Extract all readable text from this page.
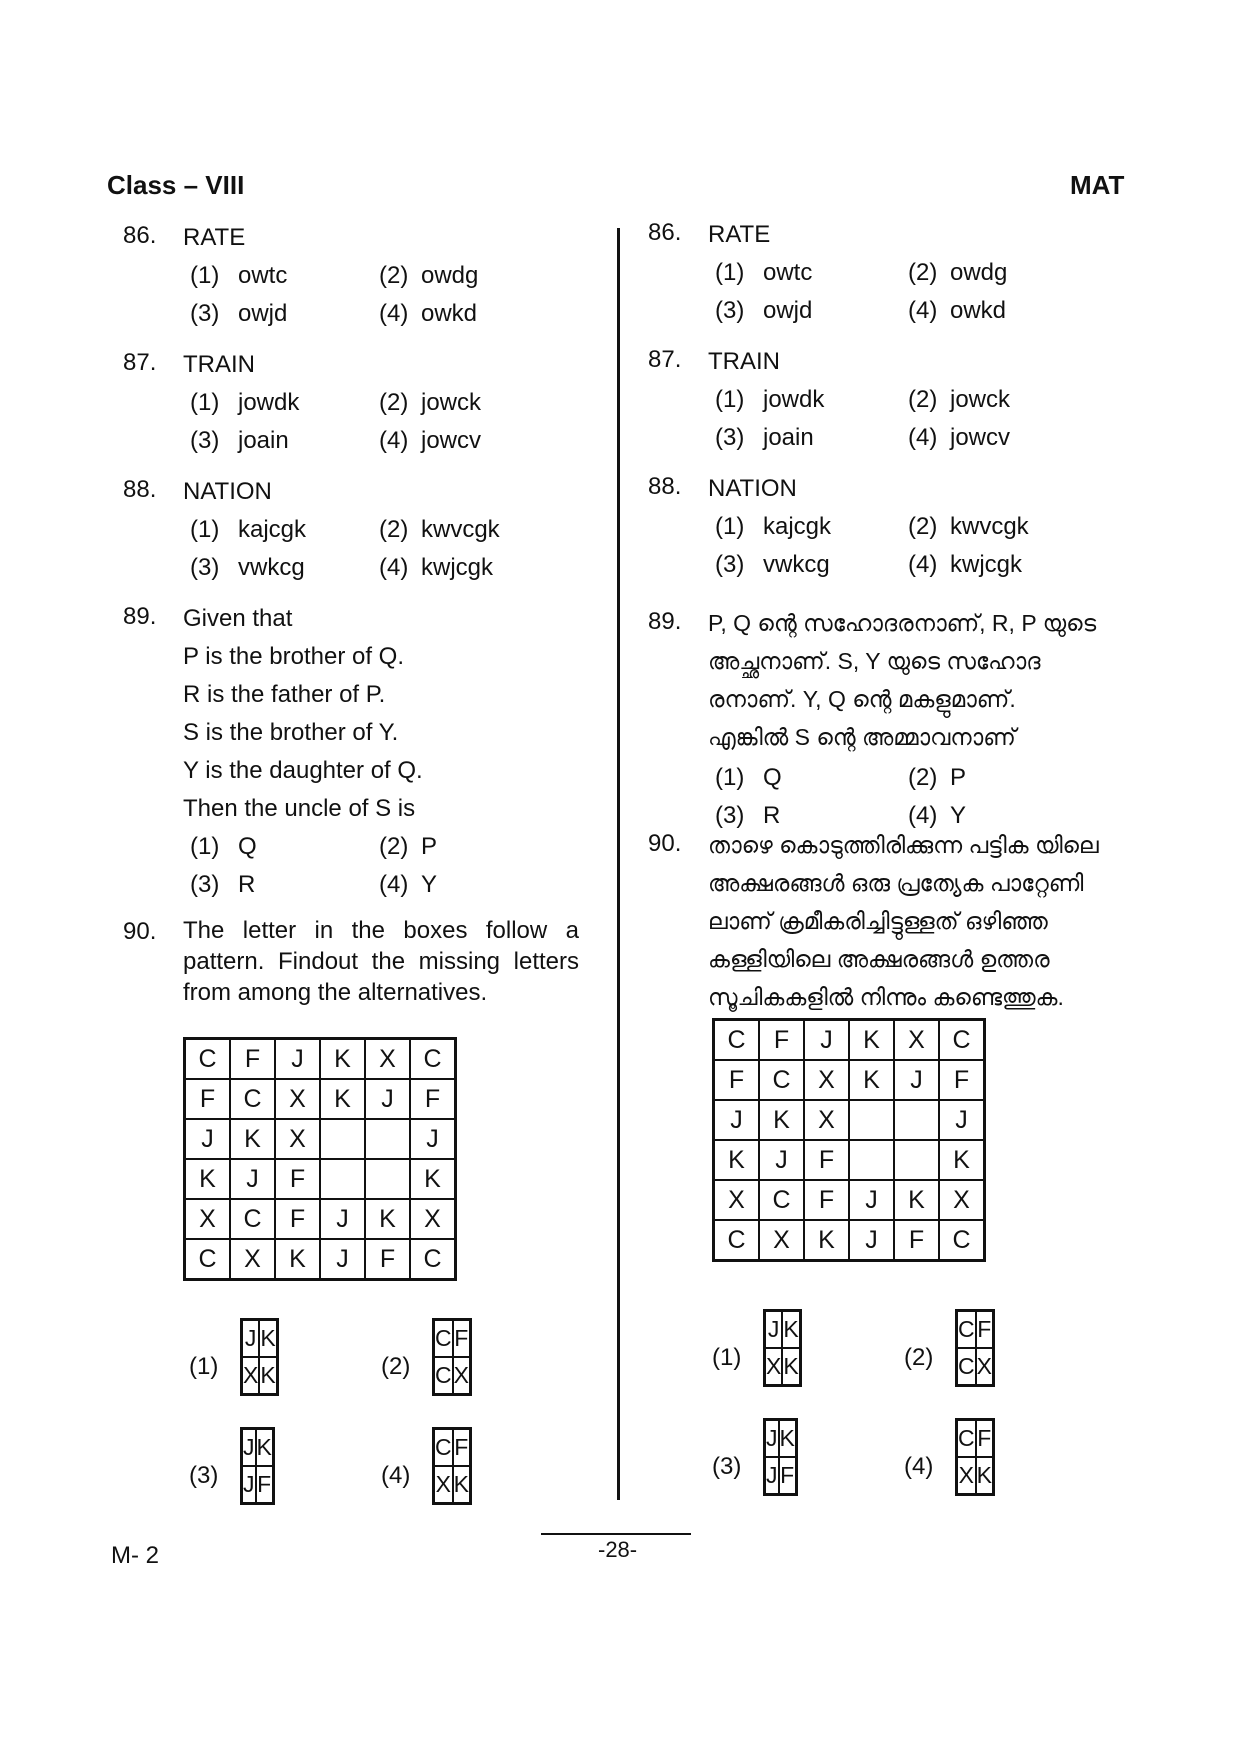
Class – VIII	MAT
86. RATE
(1) owtc	(2) owdg
(3) owjd	(4) owkd
87. TRAIN
(1) jowdk	(2) jowck
(3) joain	(4) jowcv
88. NATION
(1) kajcgk	(2) kwvcgk
(3) vwkcg	(4) kwjcgk
89. Given that
P is the brother of Q.
R is the father of P.
S is the brother of Y.
Y is the daughter of Q.
Then the uncle of S is
(1) Q	(2) P
(3) R	(4) Y
90. The letter in the boxes follow a pattern. Findout the missing letters from among the alternatives.
C	F	J	K	X	C
F	C	X	K	J	F
J	K	X			J
K	J	F			K
X	C	F	J	K	X
C	X	K	J	F	C
(1)
J	K
X	K	(2)
C	F
C	X
(3)
J	K
J	F	(4)
C	F
X	K
86. RATE
(1) owtc	(2) owdg
(3) owjd	(4) owkd
87. TRAIN
(1) jowdk	(2) jowck
(3) joain	(4) jowcv
88. NATION
(1) kajcgk	(2) kwvcgk
(3) vwkcg	(4) kwjcgk
89. P, Q ന്റെ സഹോദരനാണ്, R, P യുടെ
അച്ഛനാണ്. S, Y യുടെ സഹോദ
രനാണ്. Y, Q ന്റെ മകളുമാണ്.
എങ്കിൽ S ന്റെ അമ്മാവനാണ്
(1) Q	(2) P
(3) R	(4) Y
90. താഴെ കൊടുത്തിരിക്കുന്ന പട്ടിക യിലെ
അക്ഷരങ്ങൾ ഒരു പ്രത്യേക പാറ്റേണി
ലാണ് ക്രമീകരിച്ചിട്ടുള്ളത് ഒഴിഞ്ഞ
കള്ളിയിലെ അക്ഷരങ്ങൾ ഉത്തര
സൂചികകളിൽ നിന്നും കണ്ടെത്തുക.
C	F	J	K	X	C
F	C	X	K	J	F
J	K	X			J
K	J	F			K
X	C	F	J	K	X
C	X	K	J	F	C
(1)
J	K
X	K	(2)
C	F
C	X
(3)
J	K
J	F	(4)
C	F
X	K
M- 2	-28-
